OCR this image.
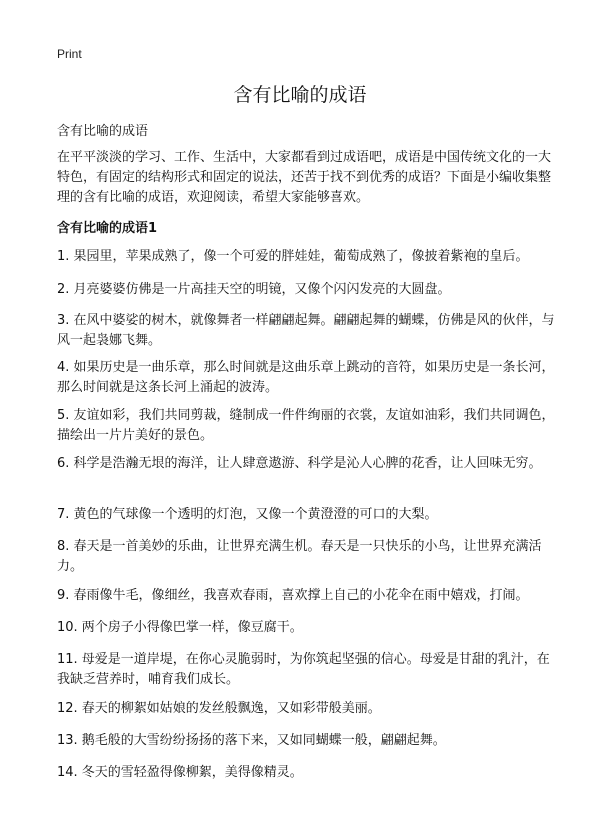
Print
含有比喻的成语
含有比喻的成语
在平平淡淡的学习、工作、生活中，大家都看到过成语吧，成语是中国传统文化的一大特色，有固定的结构形式和固定的说法，还苦于找不到优秀的成语？下面是小编收集整理的含有比喻的成语，欢迎阅读，希望大家能够喜欢。
含有比喻的成语1
1. 果园里，苹果成熟了，像一个可爱的胖娃娃，葡萄成熟了，像披着紫袍的皇后。
2. 月亮婆婆仿佛是一片高挂天空的明镜，又像个闪闪发亮的大圆盘。
3. 在风中婆娑的树木，就像舞者一样翩翩起舞。翩翩起舞的蝴蝶，仿佛是风的伙伴，与风一起袅娜飞舞。
4. 如果历史是一曲乐章，那么时间就是这曲乐章上跳动的音符，如果历史是一条长河，那么时间就是这条长河上涌起的波涛。
5. 友谊如彩，我们共同剪裁，缝制成一件件绚丽的衣裳，友谊如油彩，我们共同调色，描绘出一片片美好的景色。
6. 科学是浩瀚无垠的海洋，让人肆意遨游、科学是沁人心脾的花香，让人回味无穷。
7. 黄色的气球像一个透明的灯泡，又像一个黄澄澄的可口的大梨。
8. 春天是一首美妙的乐曲，让世界充满生机。春天是一只快乐的小鸟，让世界充满活力。
9. 春雨像牛毛，像细丝，我喜欢春雨，喜欢撑上自己的小花伞在雨中嬉戏，打闹。
10. 两个房子小得像巴掌一样，像豆腐干。
11. 母爱是一道岸堤，在你心灵脆弱时，为你筑起坚强的信心。母爱是甘甜的乳汁，在我缺乏营养时，哺育我们成长。
12. 春天的柳絮如姑娘的发丝般飘逸，又如彩带般美丽。
13. 鹅毛般的大雪纷纷扬扬的落下来，又如同蝴蝶一般，翩翩起舞。
14. 冬天的雪轻盈得像柳絮，美得像精灵。
